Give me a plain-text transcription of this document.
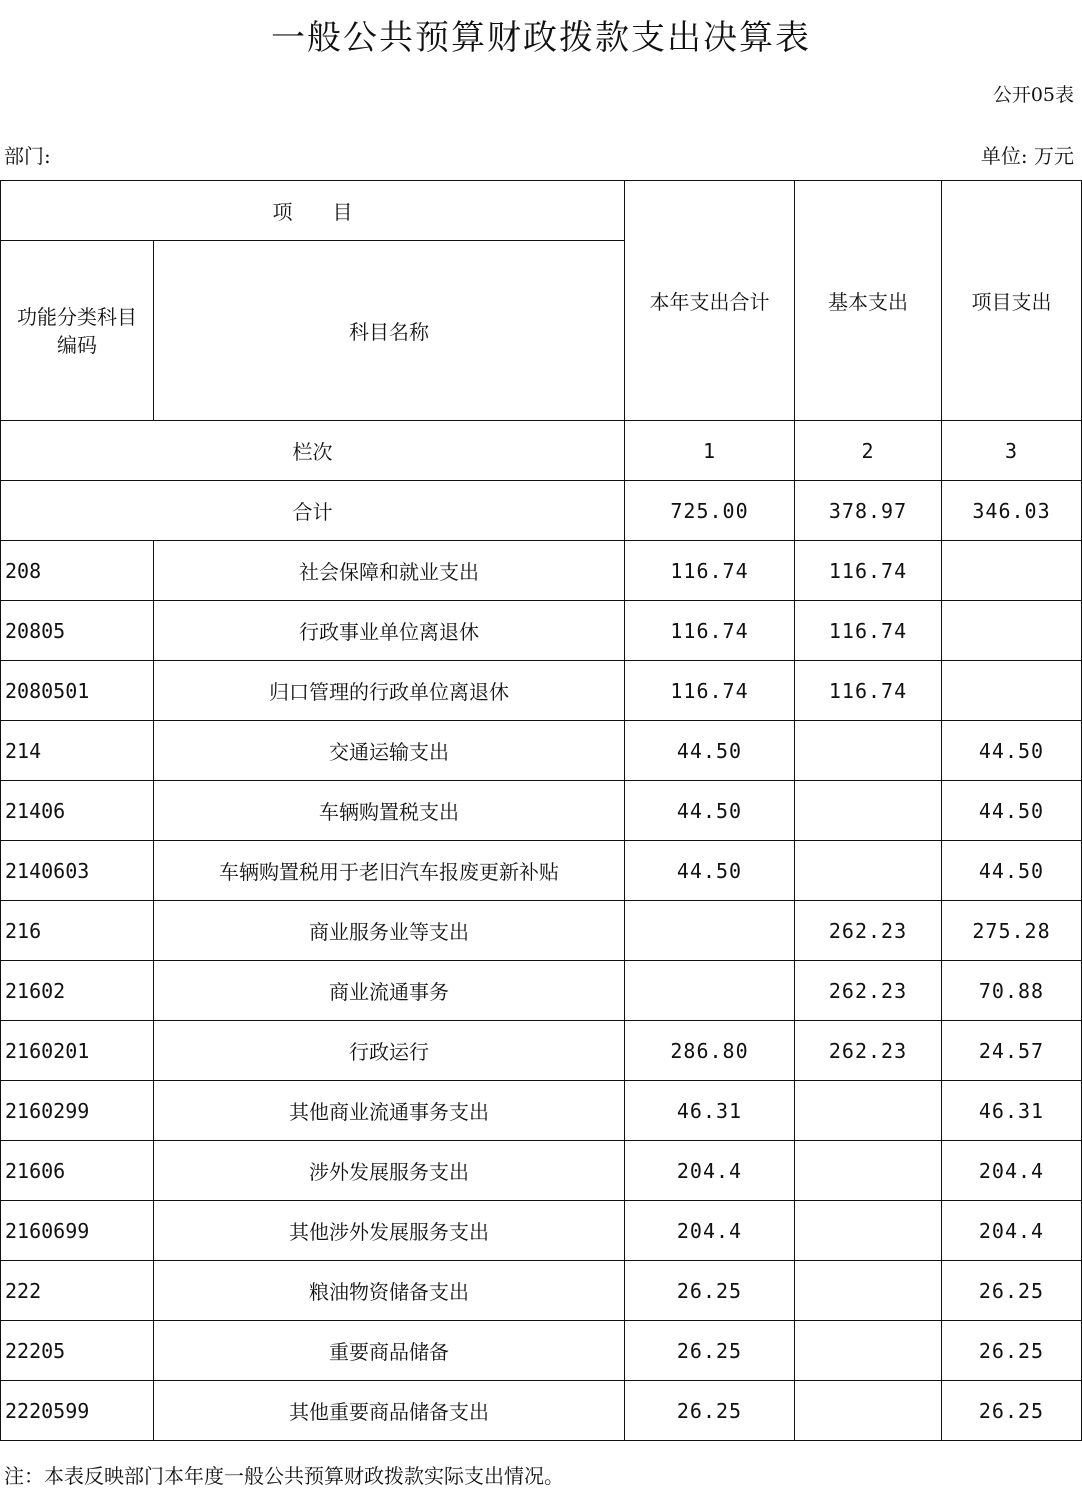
一般公共预算财政拨款支出决算表
公开05表
部门:	单位: 万元
项　　目		本年支出合计	基本支出	项目支出
功能分类科目编码	科目名称			
栏次		1	2	3
合计		725.00	378.97	346.03
208	社会保障和就业支出	116.74	116.74	
20805	行政事业单位离退休	116.74	116.74	
2080501	归口管理的行政单位离退休	116.74	116.74	
214	交通运输支出	44.50		44.50
21406	车辆购置税支出	44.50		44.50
2140603	车辆购置税用于老旧汽车报废更新补贴	44.50		44.50
216	商业服务业等支出		262.23	275.28
21602	商业流通事务		262.23	70.88
2160201	行政运行	286.80	262.23	24.57
2160299	其他商业流通事务支出	46.31		46.31
21606	涉外发展服务支出	204.4		204.4
2160699	其他涉外发展服务支出	204.4		204.4
222	粮油物资储备支出	26.25		26.25
22205	重要商品储备	26.25		26.25
2220599	其他重要商品储备支出	26.25		26.25
注：本表反映部门本年度一般公共预算财政拨款实际支出情况。
